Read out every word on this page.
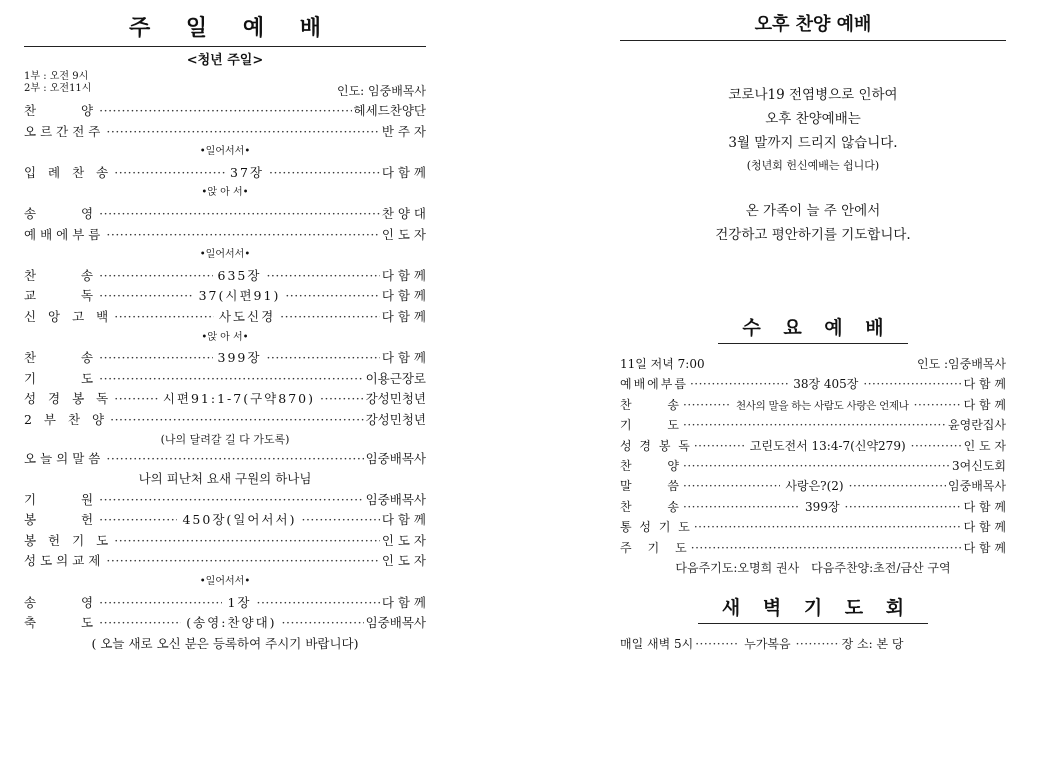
주 일 예 배
<청년 주일>
1부 : 오전 9시
2부 : 오전11시	인도: 임중배목사
찬　　 양 ·····	헤세드찬양단
오르간전주 ·····	반 주 자
•일어서서•
입 례 찬 송 ·····	37장 ·····	다 함 께
•앉 아 서•
송　　 영 ·····	찬 양 대
예배에부름 ·····	인 도 자
•일어서서•
찬　　 송 ·····	635장 ·····	다 함 께
교　　 독 ·····	37(시편91) ·····	다 함 께
신 앙 고 백 ·····	사도신경 ·····	다 함 께
•앉 아 서•
찬　　 송 ·····	399장 ·····	다 함 께
기　　 도 ·····	이용근장로
성 경 봉 독 ·····	시편91:1-7(구약870) ·····	강성민청년
2 부 찬 양 ·····	강성민청년
(나의 달려갈 길 다 가도록)
오늘의말씀 ·····	임중배목사
나의 피난처 요새 구원의 하나님
기　　 원 ·····	임중배목사
봉　　 헌 ·····	450장(일어서서) ·····	다 함 께
봉 헌 기 도 ·····	인 도 자
성도의교제 ·····	인 도 자
•일어서서•
송　　 영 ·····	1장 ·····	다 함 께
축　　 도 ·····	(송영:찬양대) ·····	임중배목사
( 오늘 새로 오신 분은 등록하여 주시기 바랍니다)
오후 찬양 예배
코로나19 전염병으로 인하여
오후 찬양예배는
3월 말까지 드리지 않습니다.
(청년회 헌신예배는 쉽니다)
온 가족이 늘 주 안에서
건강하고 평안하기를 기도합니다.
수 요 예 배
11일 저녁 7:00	인도 :임중배목사
예배에부름 ·····	38장 405장 ·····	다 함 께
찬　　 송 ·····	천사의 말을 하는 사람도 사랑은 언제나 ·····	다 함 께
기　　 도 ·····	윤영란집사
성 경 봉 독 ·····	고린도전서 13:4-7(신약279) ·····	인 도 자
찬　　 양 ·····	3여신도회
말　　 씀 ·····	사랑은?(2) ·····	임중배목사
찬　　 송 ·····	399장 ·····	다 함 께
통 성 기 도 ·····	다 함 께
주　기　도 ·····	다 함 께
다음주기도:오명희 권사　다음주찬양:초전/금산 구역
새 벽 기 도 회
매일 새벽 5시 ·····	누가복음 ·····	장 소: 본 당
